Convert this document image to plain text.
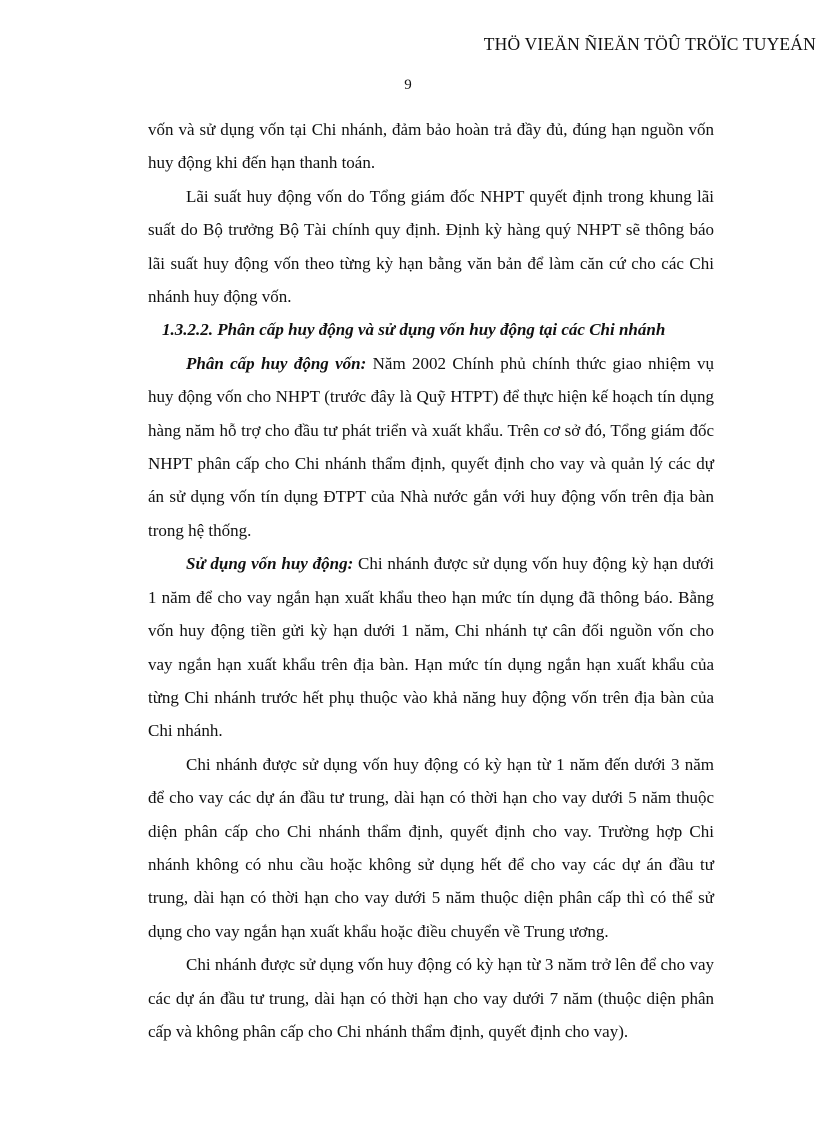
THÖ VIEÄN ÑIEÄN TÖÛ TRÖÏC TUYEÁN
9

vốn và sử dụng vốn tại Chi nhánh, đảm bảo hoàn trả đầy đủ, đúng hạn nguồn vốn huy động khi đến hạn thanh toán.

Lãi suất huy động vốn do Tổng giám đốc NHPT quyết định trong khung lãi suất do Bộ trưởng Bộ Tài chính quy định. Định kỳ hàng quý NHPT sẽ thông báo lãi suất huy động vốn theo từng kỳ hạn bằng văn bản để làm căn cứ cho các Chi nhánh huy động vốn.

1.3.2.2. Phân cấp huy động và sử dụng vốn huy động tại các Chi nhánh

Phân cấp huy động vốn: Năm 2002 Chính phủ chính thức giao nhiệm vụ huy động vốn cho NHPT (trước đây là Quỹ HTPT) để thực hiện kế hoạch tín dụng hàng năm hỗ trợ cho đầu tư phát triển và xuất khẩu. Trên cơ sở đó, Tổng giám đốc NHPT phân cấp cho Chi nhánh thẩm định, quyết định cho vay và quản lý các dự án sử dụng vốn tín dụng ĐTPT của Nhà nước gắn với huy động vốn trên địa bàn trong hệ thống.

Sử dụng vốn huy động: Chi nhánh được sử dụng vốn huy động kỳ hạn dưới 1 năm để cho vay ngắn hạn xuất khẩu theo hạn mức tín dụng đã thông báo. Bằng vốn huy động tiền gửi kỳ hạn dưới 1 năm, Chi nhánh tự cân đối nguồn vốn cho vay ngắn hạn xuất khẩu trên địa bàn. Hạn mức tín dụng ngắn hạn xuất khẩu của từng Chi nhánh trước hết phụ thuộc vào khả năng huy động vốn trên địa bàn của Chi nhánh.

Chi nhánh được sử dụng vốn huy động có kỳ hạn từ 1 năm đến dưới 3 năm để cho vay các dự án đầu tư trung, dài hạn có thời hạn cho vay dưới 5 năm thuộc diện phân cấp cho Chi nhánh thẩm định, quyết định cho vay. Trường hợp Chi nhánh không có nhu cầu hoặc không sử dụng hết để cho vay các dự án đầu tư trung, dài hạn có thời hạn cho vay dưới 5 năm thuộc diện phân cấp thì có thể sử dụng cho vay ngắn hạn xuất khẩu hoặc điều chuyển về Trung ương.

Chi nhánh được sử dụng vốn huy động có kỳ hạn từ 3 năm trở lên để cho vay các dự án đầu tư trung, dài hạn có thời hạn cho vay dưới 7 năm (thuộc diện phân cấp và không phân cấp cho Chi nhánh thẩm định, quyết định cho vay).
